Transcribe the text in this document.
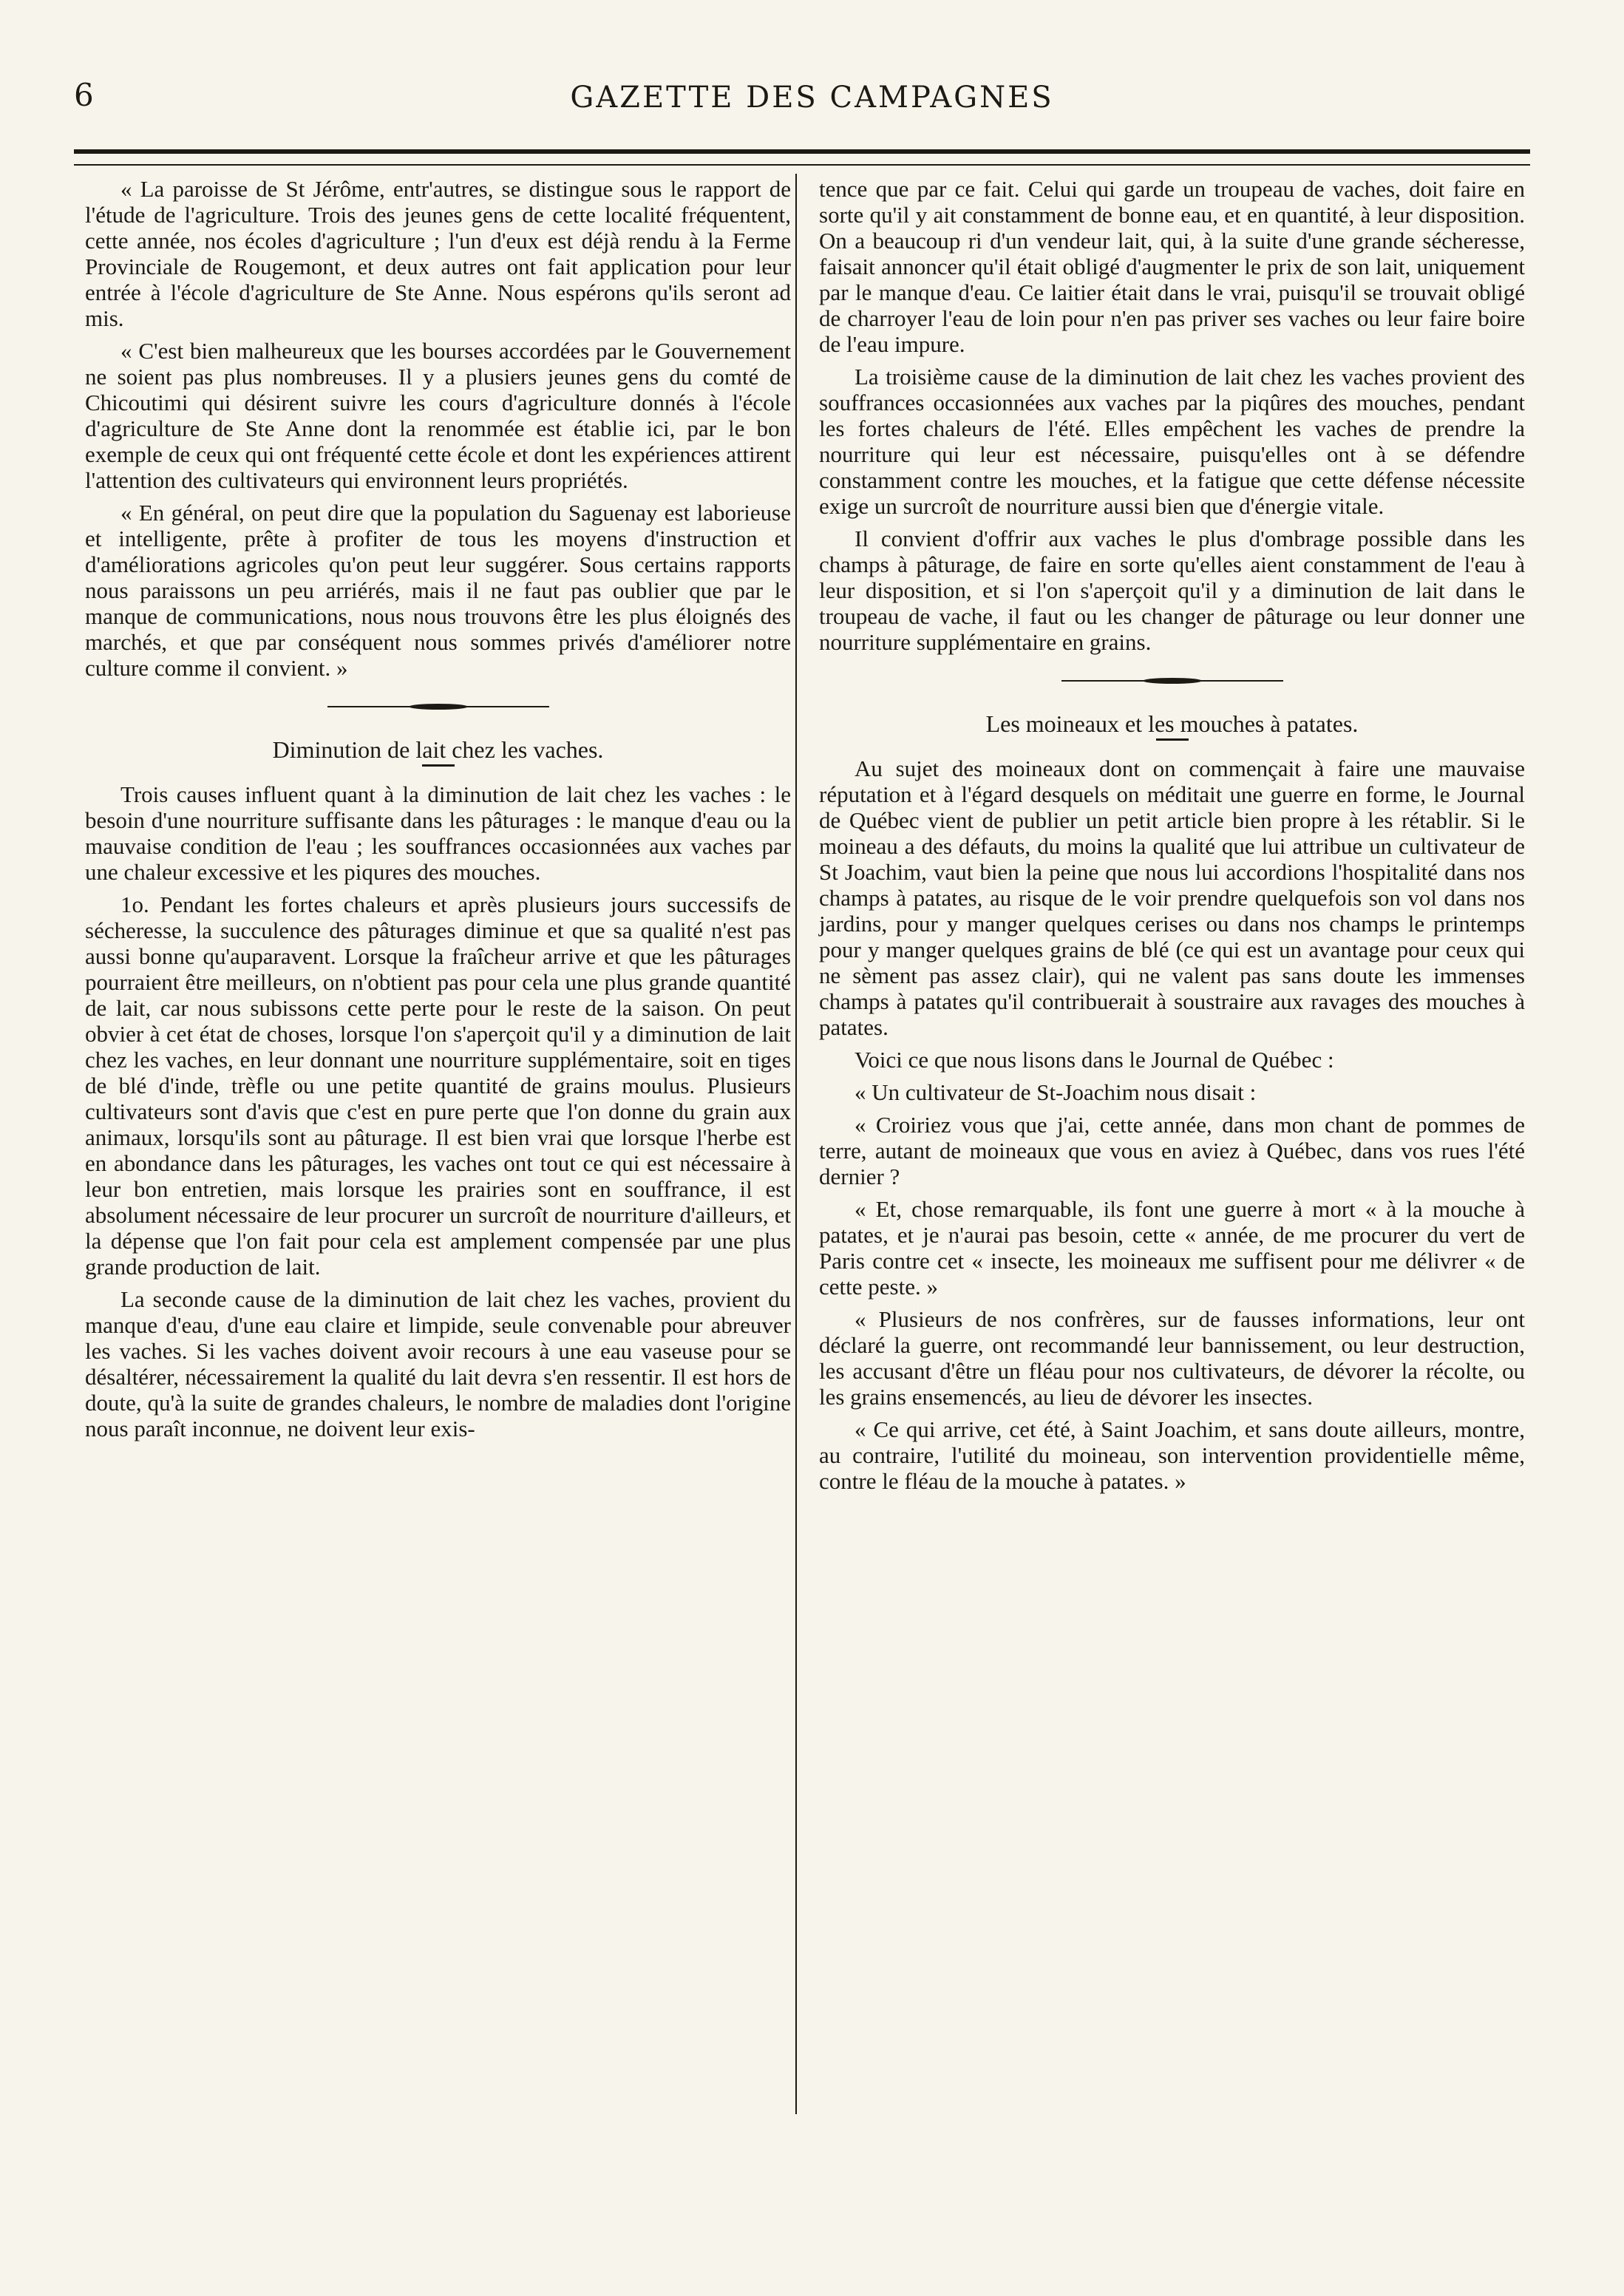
6	GAZETTE DES CAMPAGNES

« La paroisse de St Jérôme, entr'autres, se distingue sous le rapport de l'étude de l'agriculture. Trois des jeunes gens de cette localité fréquentent, cette année, nos écoles d'agriculture ; l'un d'eux est déjà rendu à la Ferme Provinciale de Rougemont, et deux autres ont fait application pour leur entrée à l'école d'agriculture de Ste Anne. Nous espérons qu'ils seront ad mis.

« C'est bien malheureux que les bourses accordées par le Gouvernement ne soient pas plus nombreuses. Il y a plusiers jeunes gens du comté de Chicoutimi qui désirent suivre les cours d'agriculture donnés à l'école d'agriculture de Ste Anne dont la renommée est établie ici, par le bon exemple de ceux qui ont fréquenté cette école et dont les expériences attirent l'attention des cultivateurs qui environnent leurs propriétés.

« En général, on peut dire que la population du Saguenay est laborieuse et intelligente, prête à profiter de tous les moyens d'instruction et d'améliorations agricoles qu'on peut leur suggérer. Sous certains rapports nous paraissons un peu arriérés, mais il ne faut pas oublier que par le manque de communications, nous nous trouvons être les plus éloignés des marchés, et que par conséquent nous sommes privés d'améliorer notre culture comme il convient. »

Diminution de lait chez les vaches.

Trois causes influent quant à la diminution de lait chez les vaches : le besoin d'une nourriture suffisante dans les pâturages : le manque d'eau ou la mauvaise condition de l'eau ; les souffrances occasionnées aux vaches par une chaleur excessive et les piqures des mouches.

1o. Pendant les fortes chaleurs et après plusieurs jours successifs de sécheresse, la succulence des pâturages diminue et que sa qualité n'est pas aussi bonne qu'auparavent. Lorsque la fraîcheur arrive et que les pâturages pourraient être meilleurs, on n'obtient pas pour cela une plus grande quantité de lait, car nous subissons cette perte pour le reste de la saison. On peut obvier à cet état de choses, lorsque l'on s'aperçoit qu'il y a diminution de lait chez les vaches, en leur donnant une nourriture supplémentaire, soit en tiges de blé d'inde, trèfle ou une petite quantité de grains moulus. Plusieurs cultivateurs sont d'avis que c'est en pure perte que l'on donne du grain aux animaux, lorsqu'ils sont au pâturage. Il est bien vrai que lorsque l'herbe est en abondance dans les pâturages, les vaches ont tout ce qui est nécessaire à leur bon entretien, mais lorsque les prairies sont en souffrance, il est absolument nécessaire de leur procurer un surcroît de nourriture d'ailleurs, et la dépense que l'on fait pour cela est amplement compensée par une plus grande production de lait.

La seconde cause de la diminution de lait chez les vaches, provient du manque d'eau, d'une eau claire et limpide, seule convenable pour abreuver les vaches. Si les vaches doivent avoir recours à une eau vaseuse pour se désaltérer, nécessairement la qualité du lait devra s'en ressentir. Il est hors de doute, qu'à la suite de grandes chaleurs, le nombre de maladies dont l'origine nous paraît inconnue, ne doivent leur exis-

tence que par ce fait. Celui qui garde un troupeau de vaches, doit faire en sorte qu'il y ait constamment de bonne eau, et en quantité, à leur disposition. On a beaucoup ri d'un vendeur lait, qui, à la suite d'une grande sécheresse, faisait annoncer qu'il était obligé d'augmenter le prix de son lait, uniquement par le manque d'eau. Ce laitier était dans le vrai, puisqu'il se trouvait obligé de charroyer l'eau de loin pour n'en pas priver ses vaches ou leur faire boire de l'eau impure.

La troisième cause de la diminution de lait chez les vaches provient des souffrances occasionnées aux vaches par la piqûres des mouches, pendant les fortes chaleurs de l'été. Elles empêchent les vaches de prendre la nourriture qui leur est nécessaire, puisqu'elles ont à se défendre constamment contre les mouches, et la fatigue que cette défense nécessite exige un surcroît de nourriture aussi bien que d'énergie vitale.

Il convient d'offrir aux vaches le plus d'ombrage possible dans les champs à pâturage, de faire en sorte qu'elles aient constamment de l'eau à leur disposition, et si l'on s'aperçoit qu'il y a diminution de lait dans le troupeau de vache, il faut ou les changer de pâturage ou leur donner une nourriture supplémentaire en grains.

Les moineaux et les mouches à patates.

Au sujet des moineaux dont on commençait à faire une mauvaise réputation et à l'égard desquels on méditait une guerre en forme, le Journal de Québec vient de publier un petit article bien propre à les rétablir. Si le moineau a des défauts, du moins la qualité que lui attribue un cultivateur de St Joachim, vaut bien la peine que nous lui accordions l'hospitalité dans nos champs à patates, au risque de le voir prendre quelquefois son vol dans nos jardins, pour y manger quelques cerises ou dans nos champs le printemps pour y manger quelques grains de blé (ce qui est un avantage pour ceux qui ne sèment pas assez clair), qui ne valent pas sans doute les immenses champs à patates qu'il contribuerait à soustraire aux ravages des mouches à patates.

Voici ce que nous lisons dans le Journal de Québec :

« Un cultivateur de St-Joachim nous disait :

« Croiriez vous que j'ai, cette année, dans mon chant de pommes de terre, autant de moineaux que vous en aviez à Québec, dans vos rues l'été dernier ?

« Et, chose remarquable, ils font une guerre à mort « à la mouche à patates, et je n'aurai pas besoin, cette « année, de me procurer du vert de Paris contre cet « insecte, les moineaux me suffisent pour me délivrer « de cette peste. »

« Plusieurs de nos confrères, sur de fausses informations, leur ont déclaré la guerre, ont recommandé leur bannissement, ou leur destruction, les accusant d'être un fléau pour nos cultivateurs, de dévorer la récolte, ou les grains ensemencés, au lieu de dévorer les insectes.

« Ce qui arrive, cet été, à Saint Joachim, et sans doute ailleurs, montre, au contraire, l'utilité du moineau, son intervention providentielle même, contre le fléau de la mouche à patates. »
